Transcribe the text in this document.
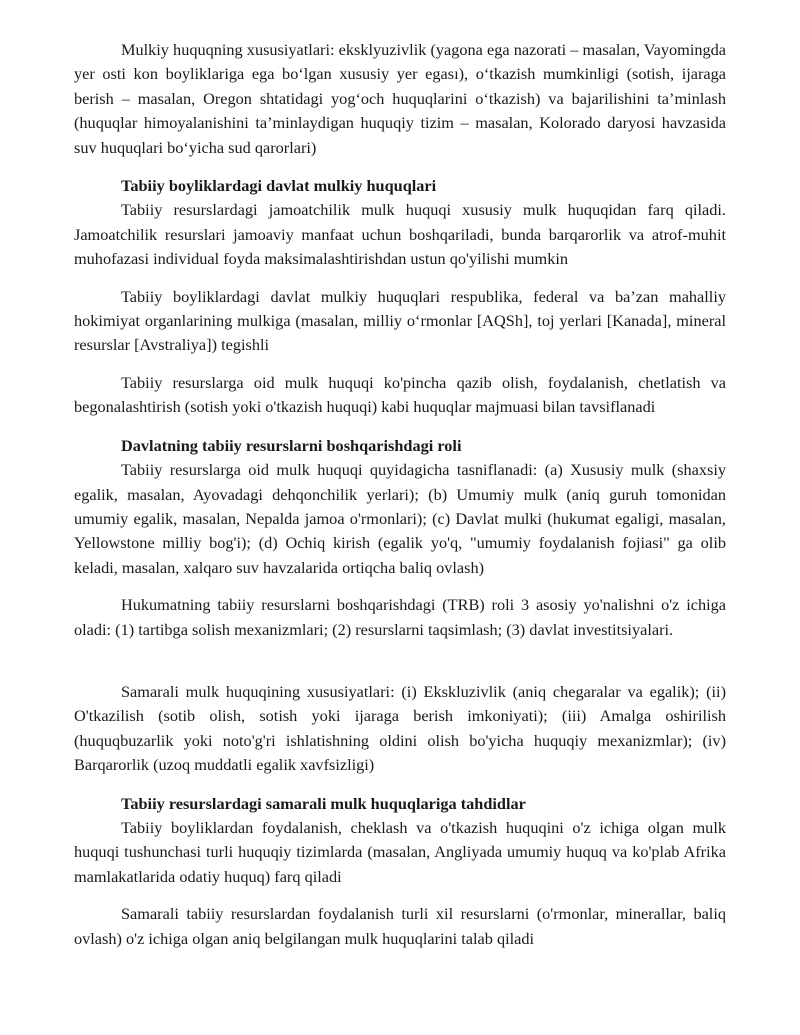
Mulkiy huquqning xususiyatlari: eksklyuzivlik (yagona ega nazorati – masalan, Vayomingda yer osti kon boyliklariga ega bo‘lgan xususiy yer egası), o‘tkazish mumkinligi (sotish, ijaraga berish – masalan, Oregon shtatidagi yog‘och huquqlarini o‘tkazish) va bajarilishini ta’minlash (huquqlar himoyalanishini ta’minlaydigan huquqiy tizim – masalan, Kolorado daryosi havzasida suv huquqlari bo‘yicha sud qarorlari)

Tabiiy boyliklardagi davlat mulkiy huquqlari

Tabiiy resurslardagi jamoatchilik mulk huquqi xususiy mulk huquqidan farq qiladi. Jamoatchilik resurslari jamoaviy manfaat uchun boshqariladi, bunda barqarorlik va atrof-muhit muhofazasi individual foyda maksimalashtirishdan ustun qo'yilishi mumkin

Tabiiy boyliklardagi davlat mulkiy huquqlari respublika, federal va ba’zan mahalliy hokimiyat organlarining mulkiga (masalan, milliy o‘rmonlar [AQSh], toj yerlari [Kanada], mineral resurslar [Avstraliya]) tegishli

Tabiiy resurslarga oid mulk huquqi ko'pincha qazib olish, foydalanish, chetlatish va begonalashtirish (sotish yoki o'tkazish huquqi) kabi huquqlar majmuasi bilan tavsiflanadi

Davlatning tabiiy resurslarni boshqarishdagi roli

Tabiiy resurslarga oid mulk huquqi quyidagicha tasniflanadi: (a) Xususiy mulk (shaxsiy egalik, masalan, Ayovadagi dehqonchilik yerlari); (b) Umumiy mulk (aniq guruh tomonidan umumiy egalik, masalan, Nepalda jamoa o'rmonlari); (c) Davlat mulki (hukumat egaligi, masalan, Yellowstone milliy bog'i); (d) Ochiq kirish (egalik yo'q, "umumiy foydalanish fojiasi" ga olib keladi, masalan, xalqaro suv havzalarida ortiqcha baliq ovlash)

Hukumatning tabiiy resurslarni boshqarishdagi (TRB) roli 3 asosiy yo'nalishni o'z ichiga oladi: (1) tartibga solish mexanizmlari; (2) resurslarni taqsimlash; (3) davlat investitsiyalari.

Samarali mulk huquqining xususiyatlari: (i) Ekskluzivlik (aniq chegaralar va egalik); (ii) O'tkazilish (sotib olish, sotish yoki ijaraga berish imkoniyati); (iii) Amalga oshirilish (huquqbuzarlik yoki noto'g'ri ishlatishning oldini olish bo'yicha huquqiy mexanizmlar); (iv) Barqarorlik (uzoq muddatli egalik xavfsizligi)

Tabiiy resurslardagi samarali mulk huquqlariga tahdidlar

Tabiiy boyliklardan foydalanish, cheklash va o'tkazish huquqini o'z ichiga olgan mulk huquqi tushunchasi turli huquqiy tizimlarda (masalan, Angliyada umumiy huquq va ko'plab Afrika mamlakatlarida odatiy huquq) farq qiladi

Samarali tabiiy resurslardan foydalanish turli xil resurslarni (o'rmonlar, minerallar, baliq ovlash) o'z ichiga olgan aniq belgilangan mulk huquqlarini talab qiladi
